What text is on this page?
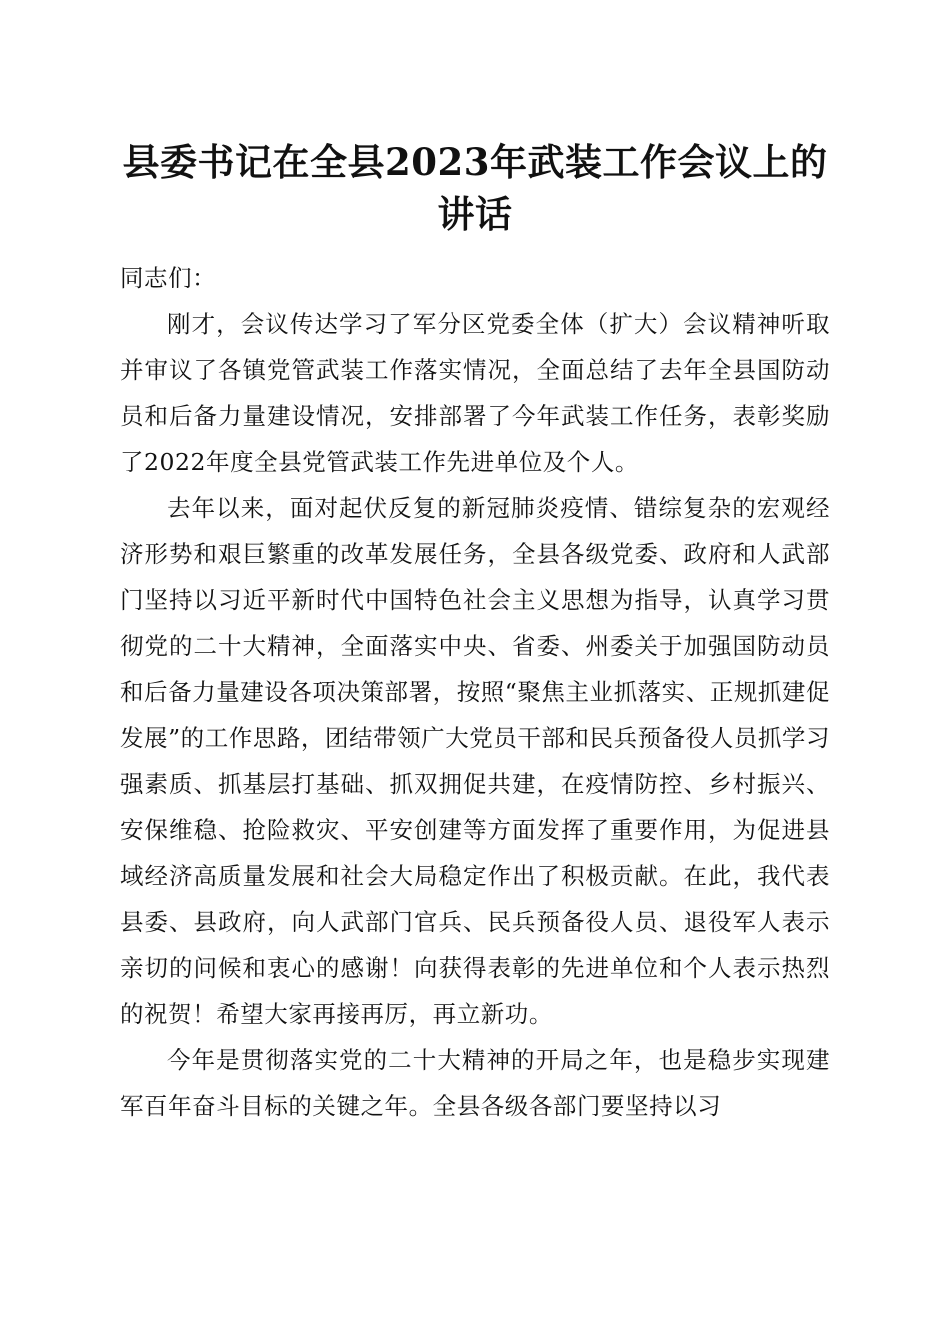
县委书记在全县2023年武装工作会议上的讲话

同志们：

刚才，会议传达学习了军分区党委全体（扩大）会议精神听取并审议了各镇党管武装工作落实情况，全面总结了去年全县国防动员和后备力量建设情况，安排部署了今年武装工作任务，表彰奖励了2022年度全县党管武装工作先进单位及个人。

去年以来，面对起伏反复的新冠肺炎疫情、错综复杂的宏观经济形势和艰巨繁重的改革发展任务，全县各级党委、政府和人武部门坚持以习近平新时代中国特色社会主义思想为指导，认真学习贯彻党的二十大精神，全面落实中央、省委、州委关于加强国防动员和后备力量建设各项决策部署，按照“聚焦主业抓落实、正规抓建促发展”的工作思路，团结带领广大党员干部和民兵预备役人员抓学习强素质、抓基层打基础、抓双拥促共建，在疫情防控、乡村振兴、安保维稳、抢险救灾、平安创建等方面发挥了重要作用，为促进县域经济高质量发展和社会大局稳定作出了积极贡献。在此，我代表县委、县政府，向人武部门官兵、民兵预备役人员、退役军人表示亲切的问候和衷心的感谢！向获得表彰的先进单位和个人表示热烈的祝贺！希望大家再接再厉，再立新功。

今年是贯彻落实党的二十大精神的开局之年，也是稳步实现建军百年奋斗目标的关键之年。全县各级各部门要坚持以习
